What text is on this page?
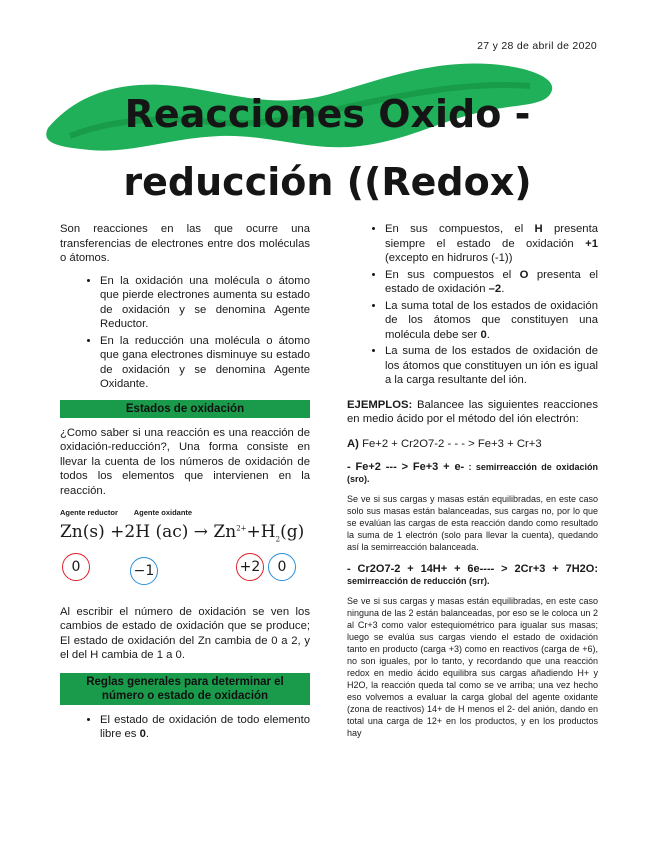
27 y 28 de abril de 2020
Reacciones Oxido -
reducción ((Redox)

Son reacciones en las que ocurre una transferencias de electrones entre dos moléculas o átomos.

• En la oxidación una molécula o átomo que pierde electrones aumenta su estado de oxidación y se denomina Agente Reductor.
• En la reducción una molécula o átomo que gana electrones disminuye su estado de oxidación y se denomina Agente Oxidante.
Estados de oxidación

¿Como saber si una reacción es una reacción de oxidación-reducción?, Una forma consiste en llevar la cuenta de los números de oxidación de todos los elementos que intervienen en la reacción.

Agente reductor Agente oxidante
Zn(s) +2H $(ac) \to Zn^{2+}+H_2(g)$
0	−1	+2	0

Al escribir el número de oxidación se ven los cambios de estado de oxidación que se produce; El estado de oxidación del Zn cambia de 0 a 2, y el del H cambia de 1 a 0.

Reglas generales para determinar el número o estado de oxidación
• El estado de oxidación de todo elemento libre es 0.
• En sus compuestos, el H presenta siempre el estado de oxidación +1 (excepto en hidruros (-1))
• En sus compuestos el O presenta el estado de oxidación –2.
• La suma total de los estados de oxidación de los átomos que constituyen una molécula debe ser 0.
• La suma de los estados de oxidación de los átomos que constituyen un ión es igual a la carga resultante del ión.

EJEMPLOS: Balancee las siguientes reacciones en medio ácido por el método del ión electrón:

A) Fe+2 + Cr2O7-2 - - - > Fe+3 + Cr+3

- Fe+2 --- > Fe+3 + e- : semirreacción de oxidación (sro).

Se ve si sus cargas y masas están equilibradas, en este caso solo sus masas están balanceadas, sus cargas no, por lo que se evalúan las cargas de esta reacción dando como resultado la suma de 1 electrón (solo para llevar la cuenta), quedando así la semirreacción balanceada.

- Cr2O7-2 + 14H+ + 6e---- > 2Cr+3 + 7H2O: semirreacción de reducción (srr).

Se ve si sus cargas y masas están equilibradas, en este caso ninguna de las 2 están balanceadas, por eso se le coloca un 2 al Cr+3 como valor estequiométrico para igualar sus masas; luego se evalúa sus cargas viendo el estado de oxidación tanto en producto (carga +3) como en reactivos (carga de +6), no son iguales, por lo tanto, y recordando que una reacción redox en medio ácido equilibra sus cargas añadiendo H+ y H2O, la reacción queda tal como se ve arriba; una vez hecho eso volvemos a evaluar la carga global del agente oxidante (zona de reactivos) 14+ de H menos el 2- del anión, dando en total una carga de 12+ en los productos, y en los productos hay
